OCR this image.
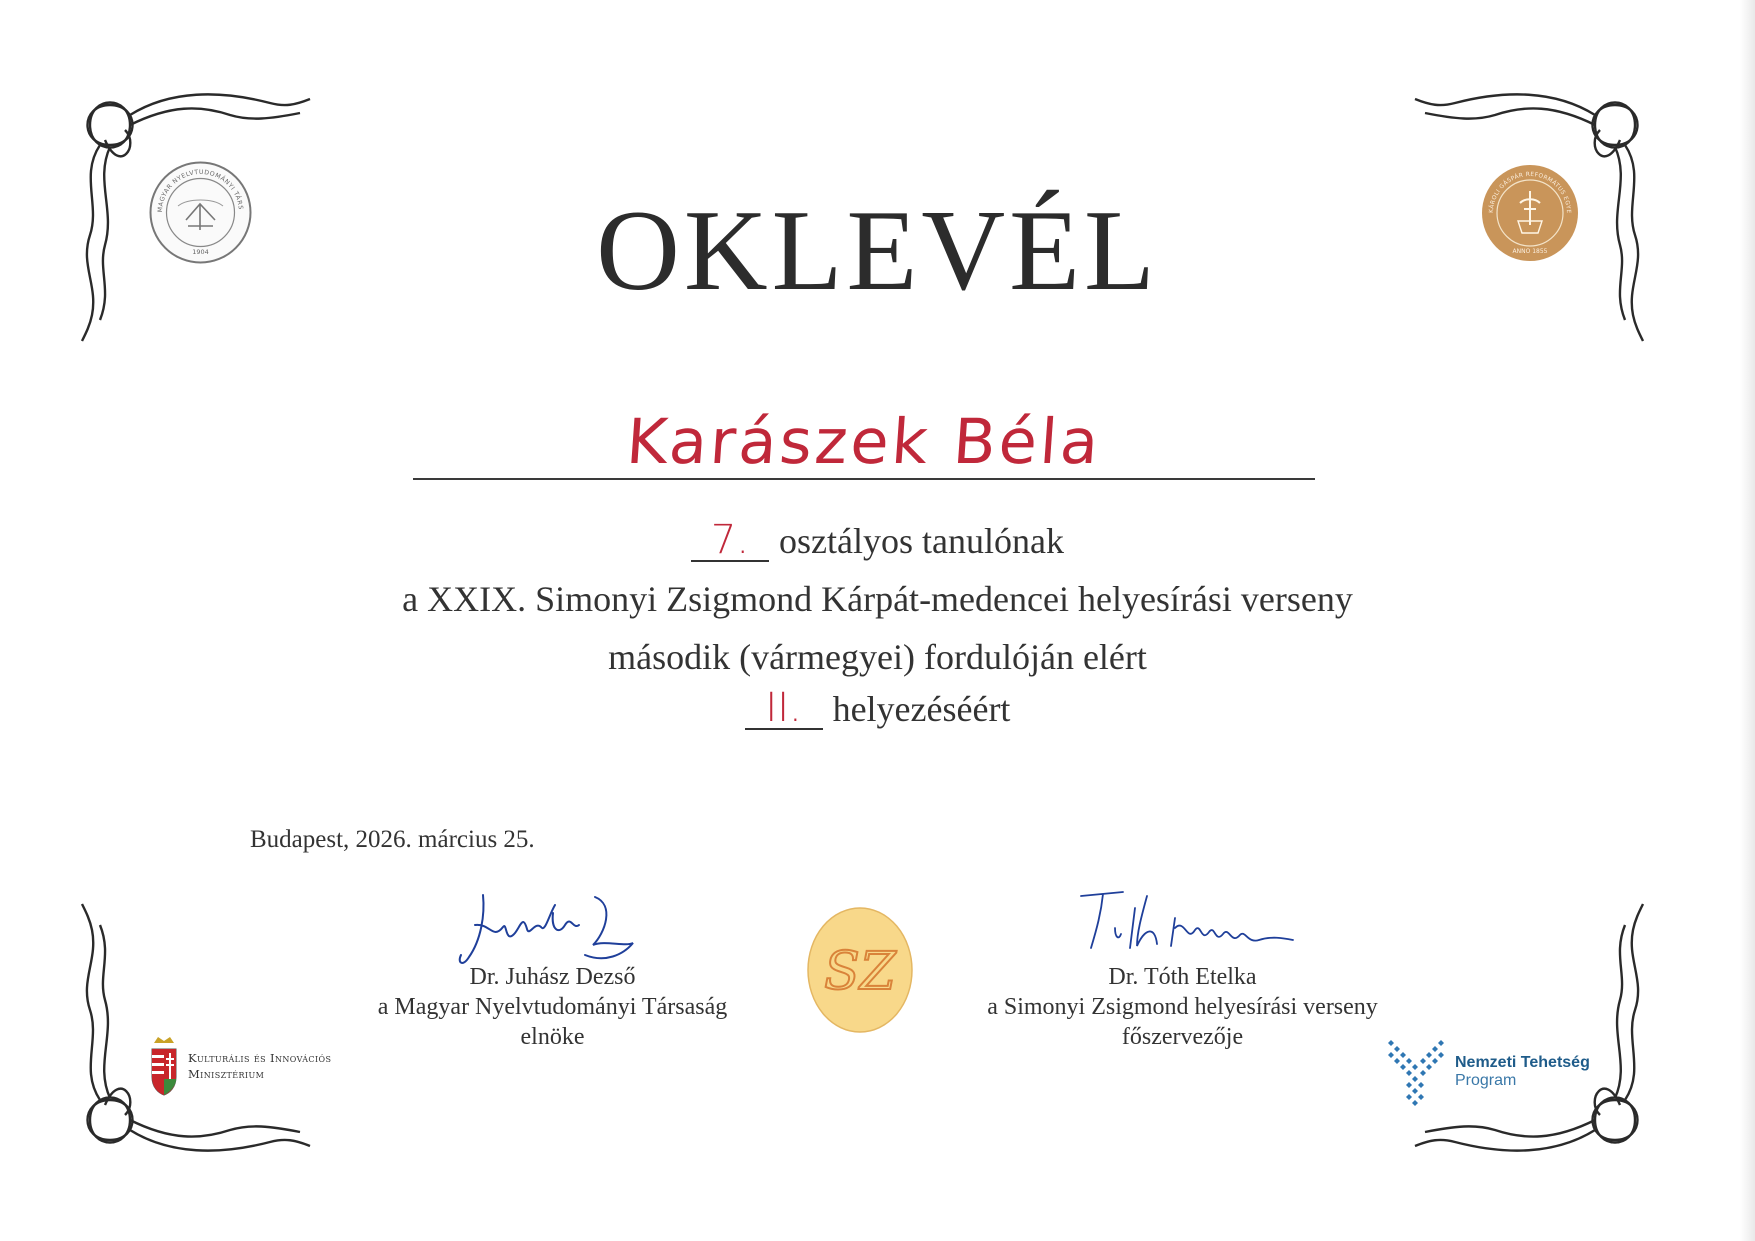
MAGYAR NYELVTUDOMÁNYI TÁRS
1904
KÁROLI GÁSPÁR REFORMÁTUS EGYE
ANNO 1855
OKLEVÉL
Karászek Béla
7. osztályos tanulónak
a XXIX. Simonyi Zsigmond Kárpát-medencei helyesírási verseny
második (vármegyei) fordulóján elért
II. helyezéséért
Budapest, 2026. március 25.
Dr. Juhász Dezső
a Magyar Nyelvtudományi Társaság
elnöke
SZ	Dr. Tóth Etelka
a Simonyi Zsigmond helyesírási verseny
főszervezője
Kulturális és Innovációs
Minisztérium
Nemzeti Tehetség
Program
